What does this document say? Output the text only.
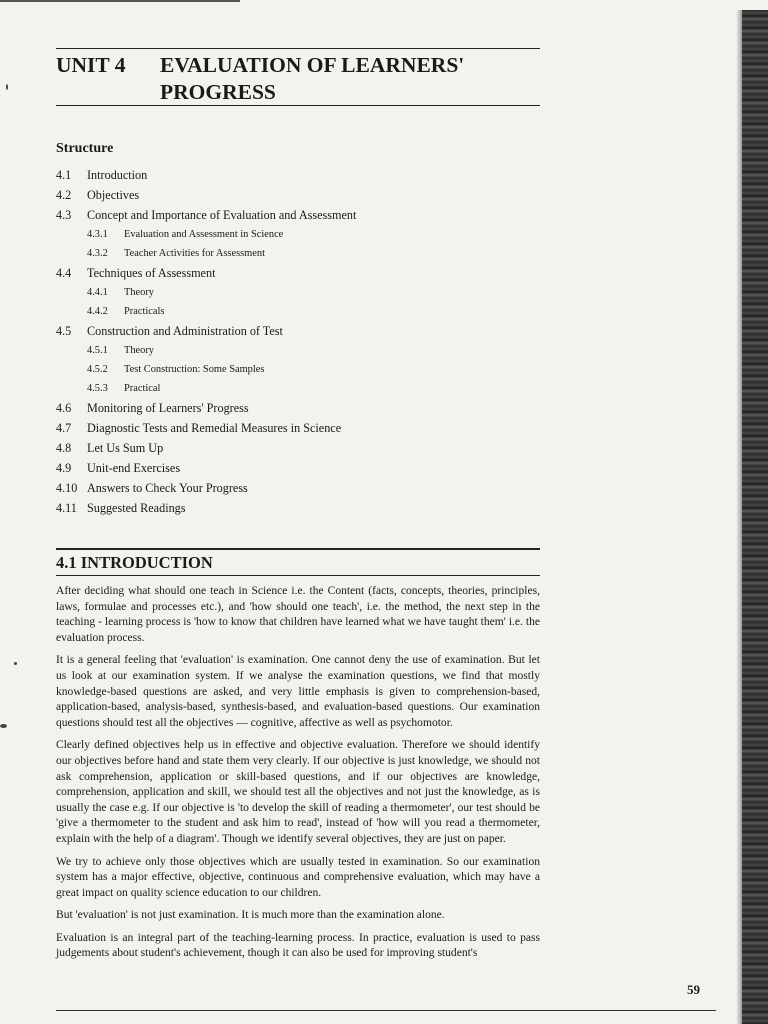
UNIT 4 EVALUATION OF LEARNERS' PROGRESS
Structure
4.1 Introduction
4.2 Objectives
4.3 Concept and Importance of Evaluation and Assessment
4.3.1 Evaluation and Assessment in Science
4.3.2 Teacher Activities for Assessment
4.4 Techniques of Assessment
4.4.1 Theory
4.4.2 Practicals
4.5 Construction and Administration of Test
4.5.1 Theory
4.5.2 Test Construction: Some Samples
4.5.3 Practical
4.6 Monitoring of Learners' Progress
4.7 Diagnostic Tests and Remedial Measures in Science
4.8 Let Us Sum Up
4.9 Unit-end Exercises
4.10 Answers to Check Your Progress
4.11 Suggested Readings
4.1 INTRODUCTION

After deciding what should one teach in Science i.e. the Content (facts, concepts, theories, principles, laws, formulae and processes etc.), and 'how should one teach', i.e. the method, the next step in the teaching - learning process is 'how to know that children have learned what we have taught them' i.e. the evaluation process.

It is a general feeling that 'evaluation' is examination. One cannot deny the use of examination. But let us look at our examination system. If we analyse the examination questions, we find that mostly knowledge-based questions are asked, and very little emphasis is given to comprehension-based, application-based, analysis-based, synthesis-based, and evaluation-based questions. Our examination questions should test all the objectives — cognitive, affective as well as psychomotor.

Clearly defined objectives help us in effective and objective evaluation. Therefore we should identify our objectives before hand and state them very clearly. If our objective is just knowledge, we should not ask comprehension, application or skill-based questions, and if our objectives are knowledge, comprehension, application and skill, we should test all the objectives and not just the knowledge, as is usually the case e.g. If our objective is 'to develop the skill of reading a thermometer', our test should be 'give a thermometer to the student and ask him to read', instead of 'how will you read a thermometer, explain with the help of a diagram'. Though we identify several objectives, they are just on paper.

We try to achieve only those objectives which are usually tested in examination. So our examination system has a major effective, objective, continuous and comprehensive evaluation, which may have a great impact on quality science education to our children.

But 'evaluation' is not just examination. It is much more than the examination alone.

Evaluation is an integral part of the teaching-learning process. In practice, evaluation is used to pass judgements about student's achievement, though it can also be used for improving student's

59
